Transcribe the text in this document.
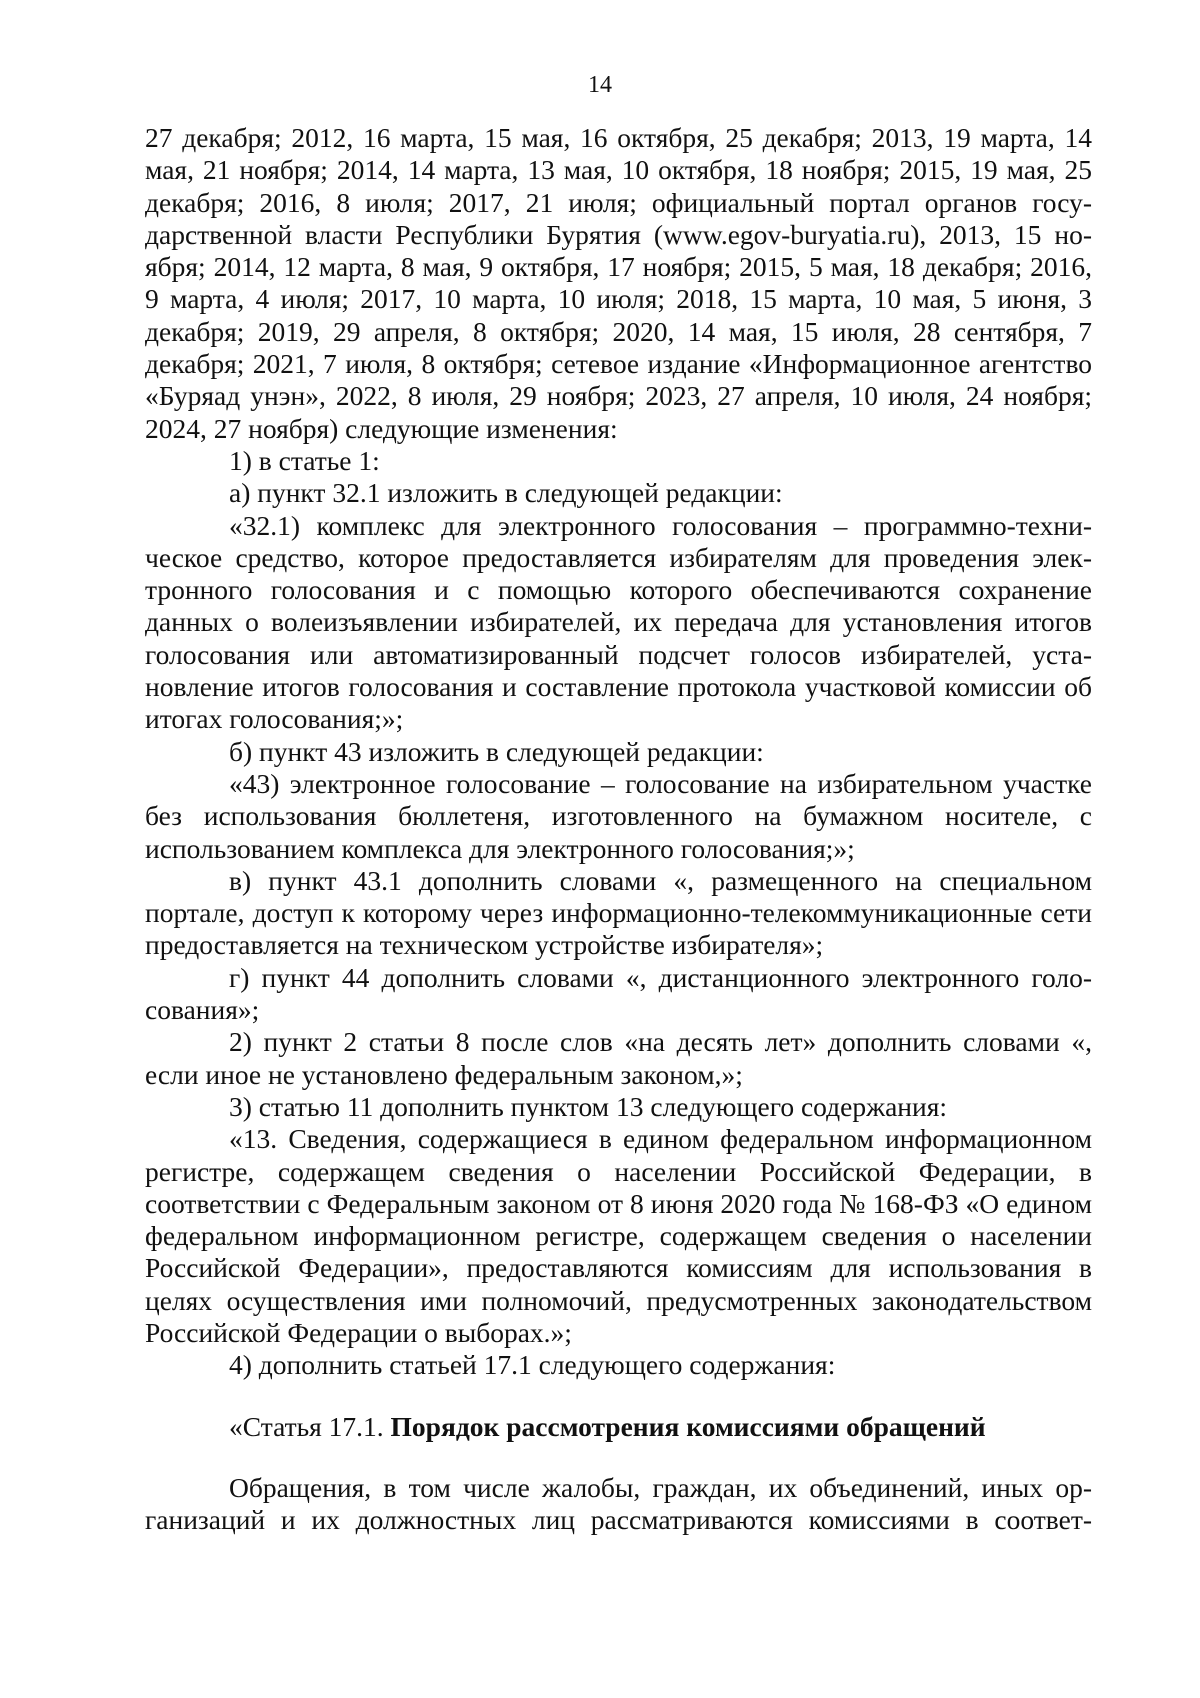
14

27 декабря; 2012, 16 марта, 15 мая, 16 октября, 25 декабря; 2013, 19 марта, 14 мая, 21 ноября; 2014, 14 марта, 13 мая, 10 октября, 18 ноября; 2015, 19 мая, 25 декабря; 2016, 8 июля; 2017, 21 июля; официальный портал органов государственной власти Республики Бурятия (www.egov-buryatia.ru), 2013, 15 ноября; 2014, 12 марта, 8 мая, 9 октября, 17 ноября; 2015, 5 мая, 18 декабря; 2016, 9 марта, 4 июля; 2017, 10 марта, 10 июля; 2018, 15 марта, 10 мая, 5 июня, 3 декабря; 2019, 29 апреля, 8 октября; 2020, 14 мая, 15 июля, 28 сентября, 7 декабря; 2021, 7 июля, 8 октября; сетевое издание «Информационное агентство «Буряад унэн», 2022, 8 июля, 29 ноября; 2023, 27 апреля, 10 июля, 24 ноября; 2024, 27 ноября) следующие изменения:

1) в статье 1:

а) пункт 32.1 изложить в следующей редакции:

«32.1) комплекс для электронного голосования – программно-техническое средство, которое предоставляется избирателям для проведения электронного голосования и с помощью которого обеспечиваются сохранение данных о волеизъявлении избирателей, их передача для установления итогов голосования или автоматизированный подсчет голосов избирателей, установление итогов голосования и составление протокола участковой комиссии об итогах голосования;»;

б) пункт 43 изложить в следующей редакции:

«43) электронное голосование – голосование на избирательном участке без использования бюллетеня, изготовленного на бумажном носителе, с использованием комплекса для электронного голосования;»;

в) пункт 43.1 дополнить словами «, размещенного на специальном портале, доступ к которому через информационно-телекоммуникационные сети предоставляется на техническом устройстве избирателя»;

г) пункт 44 дополнить словами «, дистанционного электронного голосования»;

2) пункт 2 статьи 8 после слов «на десять лет» дополнить словами «, если иное не установлено федеральным законом,»;

3) статью 11 дополнить пунктом 13 следующего содержания:

«13. Сведения, содержащиеся в едином федеральном информационном регистре, содержащем сведения о населении Российской Федерации, в соответствии с Федеральным законом от 8 июня 2020 года № 168-ФЗ «О едином федеральном информационном регистре, содержащем сведения о населении Российской Федерации», предоставляются комиссиям для использования в целях осуществления ими полномочий, предусмотренных законодательством Российской Федерации о выборах.»;

4) дополнить статьей 17.1 следующего содержания:

«Статья 17.1. Порядок рассмотрения комиссиями обращений

Обращения, в том числе жалобы, граждан, их объединений, иных организаций и их должностных лиц рассматриваются комиссиями в соответ-
